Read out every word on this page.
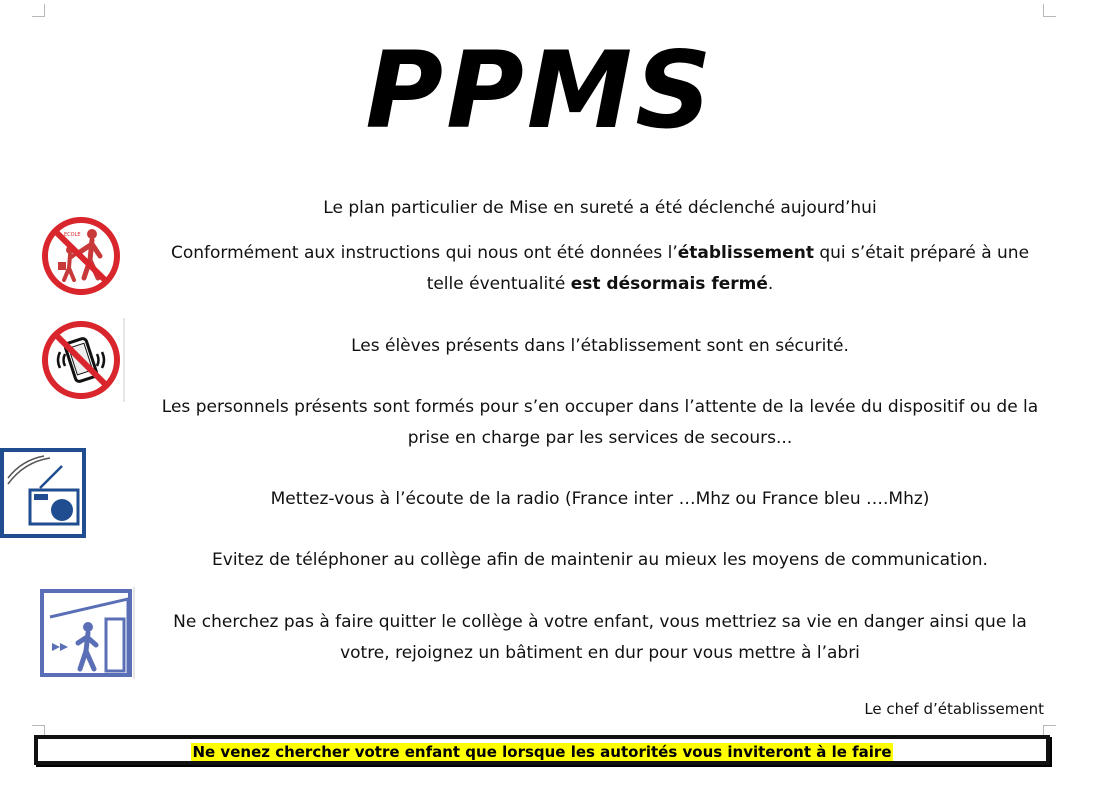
PPMS
ECOLE
Le plan particulier de Mise en sureté a été déclenché aujourd’hui
Conformément aux instructions qui nous ont été données l’établissement qui s’était préparé à une telle éventualité est désormais fermé.
Les élèves présents dans l’établissement sont en sécurité.
Les personnels présents sont formés pour s’en occuper dans l’attente de la levée du dispositif ou de la prise en charge par les services de secours...
Mettez-vous à l’écoute de la radio (France inter …Mhz ou France bleu ….Mhz)
Evitez de téléphoner au collège afin de maintenir au mieux les moyens de communication.
Ne cherchez pas à faire quitter le collège à votre enfant, vous mettriez sa vie en danger ainsi que la votre, rejoignez un bâtiment en dur pour vous mettre à l’abri
Le chef d’établissement
Ne venez chercher votre enfant que lorsque les autorités vous inviteront à le faire
